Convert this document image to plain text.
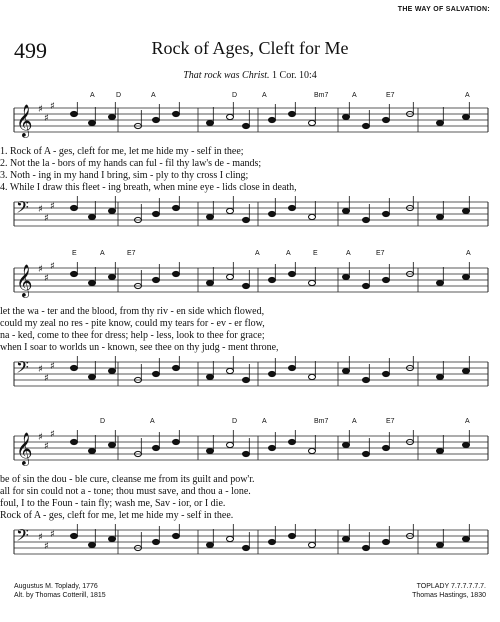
THE WAY OF SALVATION:
499	Rock of Ages, Cleft for Me
That rock was Christ. 1 Cor. 10:4
A	D	A	D	A	Bm7	A	E7	A
𝄞 ♯
♯
♯
1. Rock of A - ges, cleft for me, let me hide my - self in thee;
2. Not the la - bors of my hands can ful - fil thy law's de - mands;
3. Noth - ing in my hand I bring, sim - ply to thy cross I cling;
4. While I draw this fleet - ing breath, when mine eye - lids close in death,
𝄢 ♯
♯
♯
E	A	E7	A	A	E	A	E7	A
𝄞 ♯
♯
♯
let the wa - ter and the blood, from thy riv - en side which flowed,
could my zeal no res - pite know, could my tears for - ev - er flow,
na - ked, come to thee for dress; help - less, look to thee for grace;
when I soar to worlds un - known, see thee on thy judg - ment throne,
𝄢 ♯
♯
♯
D	A	D	A	Bm7	A	E7	A
𝄞 ♯
♯
♯
be of sin the dou - ble cure, cleanse me from its guilt and pow'r.
all for sin could not a - tone; thou must save, and thou a - lone.
foul, I to the Foun - tain fly; wash me, Sav - ior, or I die.
Rock of A - ges, cleft for me, let me hide my - self in thee.
𝄢 ♯
♯
♯
Augustus M. Toplady, 1776
Alt. by Thomas Cotterill, 1815
TOPLADY 7.7.7.7.7.7.
Thomas Hastings, 1830
